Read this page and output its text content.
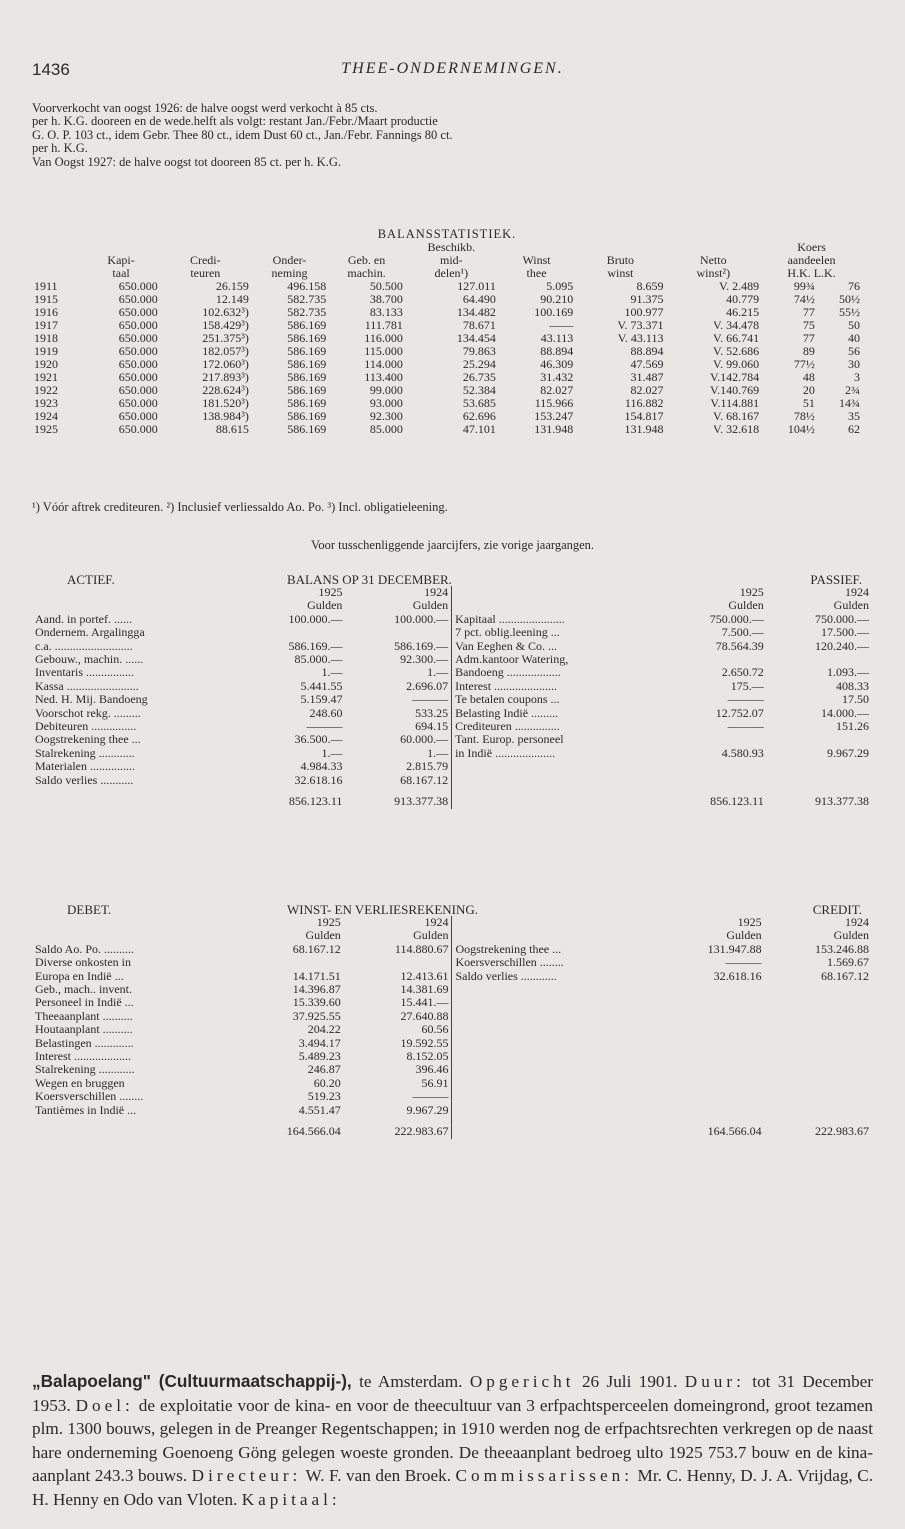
1436	THEE-ONDERNEMINGEN.
Voorverkocht van oogst 1926: de halve oogst werd verkocht à 85 cts.
per h. K.G. dooreen en de wede.helft als volgt: restant Jan./Febr./Maart productie
G. O. P. 103 ct., idem Gebr. Thee 80 ct., idem Dust 60 ct., Jan./Febr. Fannings 80 ct.
per h. K.G.
Van Oogst 1927: de halve oogst tot dooreen 85 ct. per h. K.G.
BALANSSTATISTIEK.										
					Beschikb.				Koers	
	Kapi-	Credi-	Onder-	Geb. en	mid-	Winst	Bruto	Netto	aandeelen	
	taal	teuren	neming	machin.	delen¹)	thee	winst	winst²)	H.K. L.K.	
1911	650.000	26.159	496.158	50.500	127.011	5.095	8.659	V. 2.489	99¾	76
1915	650.000	12.149	582.735	38.700	64.490	90.210	91.375	40.779	74½	50½
1916	650.000	102.632³)	582.735	83.133	134.482	100.169	100.977	46.215	77	55½
1917	650.000	158.429³)	586.169	111.781	78.671	——	V. 73.371	V. 34.478	75	50
1918	650.000	251.375³)	586.169	116.000	134.454	43.113	V. 43.113	V. 66.741	77	40
1919	650.000	182.057³)	586.169	115.000	79.863	88.894	88.894	V. 52.686	89	56
1920	650.000	172.060³)	586.169	114.000	25.294	46.309	47.569	V. 99.060	77½	30
1921	650.000	217.893³)	586.169	113.400	26.735	31.432	31.487	V.142.784	48	3
1922	650.000	228.624³)	586.169	99.000	52.384	82.027	82.027	V.140.769	20	2¾
1923	650.000	181.520³)	586.169	93.000	53.685	115.966	116.882	V.114.881	51	14¾
1924	650.000	138.984³)	586.169	92.300	62.696	153.247	154.817	V. 68.167	78½	35
1925	650.000	88.615	586.169	85.000	47.101	131.948	131.948	V. 32.618	104½	62
¹) Vóór aftrek crediteuren. ²) Inclusief verliessaldo Ao. Po. ³) Incl. obligatieleening.
Voor tusschenliggende jaarcijfers, zie vorige jaargangen.
ACTIEF.	BALANS OP 31 DECEMBER.	PASSIEF.
	1925	1924		1925	1924
	Gulden	Gulden		Gulden	Gulden
Aand. in portef. ......	100.000.—	100.000.—	Kapitaal ......................	750.000.—	750.000.—
Ondernem. Argalingga			7 pct. oblig.leening ...	7.500.—	17.500.—
c.a. ..........................	586.169.—	586.169.—	Van Eeghen & Co. ...	78.564.39	120.240.—
Gebouw., machin. ......	85.000.—	92.300.—	Adm.kantoor Watering,		
Inventaris ................	1.—	1.—	Bandoeng ..................	2.650.72	1.093.—
Kassa ........................	5.441.55	2.696.07	Interest .....................	175.—	408.33
Ned. H. Mij. Bandoeng	5.159.47	———	Te betalen coupons ...	———	17.50
Voorschot rekg. .........	248.60	533.25	Belasting Indië .........	12.752.07	14.000.—
Debiteuren ...............	———	694.15	Crediteuren ...............	———	151.26
Oogstrekening thee ...	36.500.—	60.000.—	Tant. Europ. personeel		
Stalrekening ............	1.—	1.—	in Indië ....................	4.580.93	9.967.29
Materialen ...............	4.984.33	2.815.79			
Saldo verlies ...........	32.618.16	68.167.12			
	856.123.11	913.377.38		856.123.11	913.377.38
DEBET.	WINST- EN VERLIESREKENING.	CREDIT.
	1925	1924		1925	1924
	Gulden	Gulden		Gulden	Gulden
Saldo Ao. Po. ..........	68.167.12	114.880.67	Oogstrekening thee ...	131.947.88	153.246.88
Diverse onkosten in			Koersverschillen ........	———	1.569.67
Europa en Indië ...	14.171.51	12.413.61	Saldo verlies ............	32.618.16	68.167.12
Geb., mach.. invent.	14.396.87	14.381.69			
Personeel in Indië ...	15.339.60	15.441.—			
Theeaanplant ..........	37.925.55	27.640.88			
Houtaanplant ..........	204.22	60.56			
Belastingen .............	3.494.17	19.592.55			
Interest ...................	5.489.23	8.152.05			
Stalrekening ............	246.87	396.46			
Wegen en bruggen	60.20	56.91			
Koersverschillen ........	519.23	———			
Tantièmes in Indië ...	4.551.47	9.967.29			
	164.566.04	222.983.67		164.566.04	222.983.67
„Balapoelang" (Cultuurmaatschappij-), te Amsterdam. Opgericht 26 Juli 1901. Duur: tot 31 December 1953. Doel: de exploitatie voor de kina- en voor de theecultuur van 3 erfpachtsperceelen domeingrond, groot tezamen plm. 1300 bouws, gelegen in de Preanger Regentschappen; in 1910 werden nog de erfpachtsrechten verkregen op de naast hare onderneming Goenoeng Göng gelegen woeste gronden. De theeaanplant bedroeg ulto 1925 753.7 bouw en de kina-aanplant 243.3 bouws. Directeur: W. F. van den Broek. Commissarissen: Mr. C. Henny, D. J. A. Vrijdag, C. H. Henny en Odo van Vloten. Kapitaal:
